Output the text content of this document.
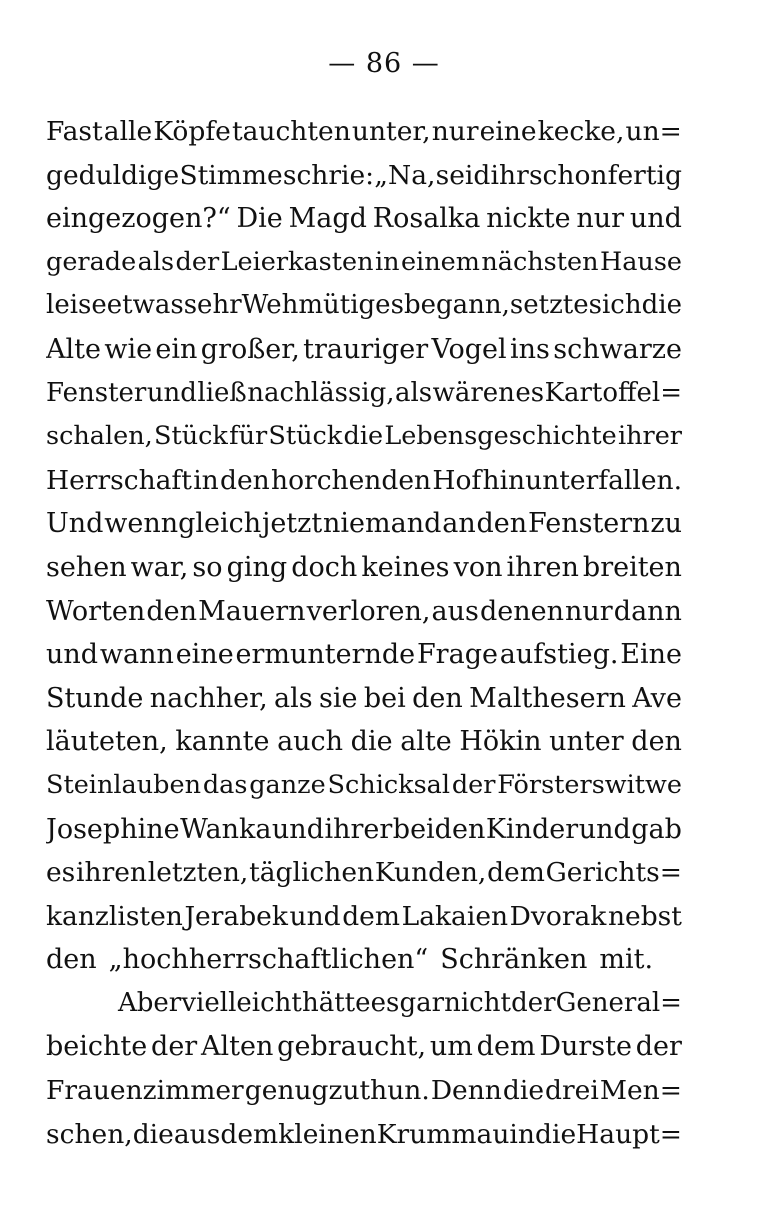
— 86 —
Fast alle Köpfe tauchten unter, nur eine kecke, un=
geduldige Stimme schrie: „Na, seid ihr schon fertig
eingezogen?“ Die Magd Rosalka nickte nur und
gerade als der Leierkasten in einem nächsten Hause
leise etwas sehr Wehmütiges begann, setzte sich die
Alte wie ein großer, trauriger Vogel ins schwarze
Fenster und ließ nachlässig, als wären es Kartoffel=
schalen, Stück für Stück die Lebensgeschichte ihrer
Herrschaft in den horchenden Hof hinunterfallen.
Und wenngleich jetzt niemand an den Fenstern zu
sehen war, so ging doch keines von ihren breiten
Worten den Mauern verloren, aus denen nur dann
und wann eine ermunternde Frage aufstieg. Eine
Stunde nachher, als sie bei den Malthesern Ave
läuteten, kannte auch die alte Hökin unter den
Steinlauben das ganze Schicksal der Försterswitwe
Josephine Wanka und ihrer beiden Kinder und gab
es ihren letzten, täglichen Kunden, dem Gerichts=
kanzlisten Jerabek und dem Lakaien Dvorak nebst
den „hochherrschaftlichen“ Schränken mit.
Aber vielleicht hätte es gar nicht der General=
beichte der Alten gebraucht, um dem Durste der
Frauenzimmer genugzuthun. Denn die drei Men=
schen, die aus dem kleinen Krummau in die Haupt=
